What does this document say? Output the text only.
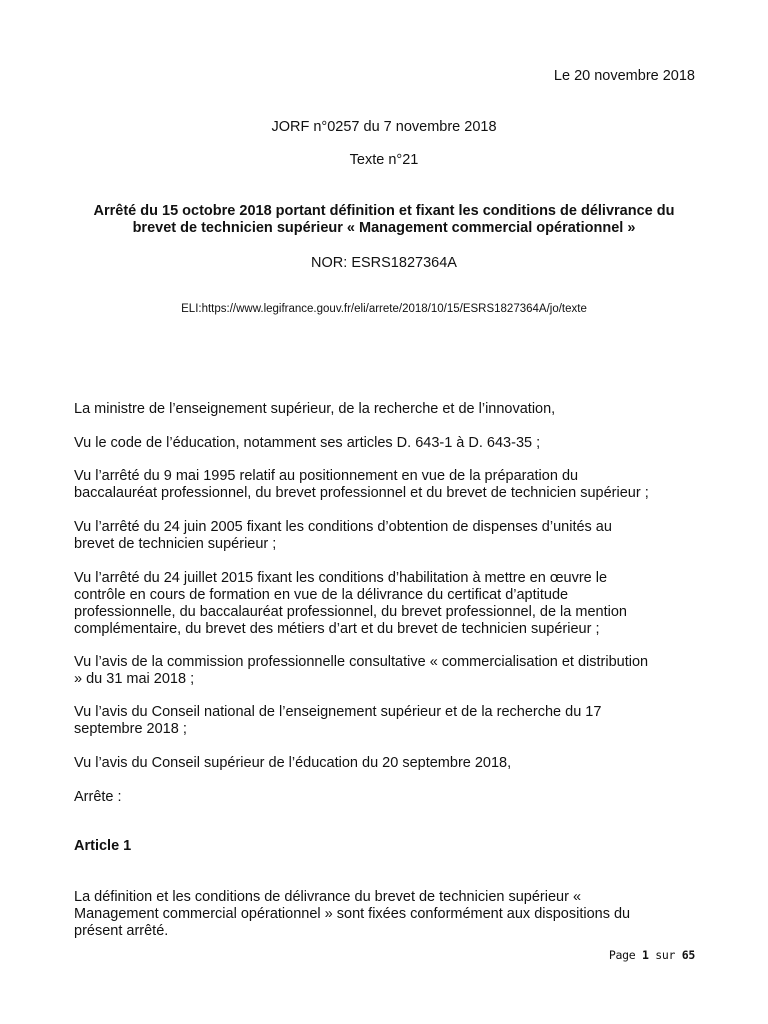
Le 20 novembre 2018
JORF n°0257 du 7 novembre 2018
Texte n°21
Arrêté du 15 octobre 2018 portant définition et fixant les conditions de délivrance du
brevet de technicien supérieur « Management commercial opérationnel »
NOR: ESRS1827364A
ELI:https://www.legifrance.gouv.fr/eli/arrete/2018/10/15/ESRS1827364A/jo/texte
La ministre de l’enseignement supérieur, de la recherche et de l’innovation,
Vu le code de l’éducation, notamment ses articles D. 643-1 à D. 643-35 ;
Vu l’arrêté du 9 mai 1995 relatif au positionnement en vue de la préparation du
baccalauréat professionnel, du brevet professionnel et du brevet de technicien supérieur ;
Vu l’arrêté du 24 juin 2005 fixant les conditions d’obtention de dispenses d’unités au
brevet de technicien supérieur ;
Vu l’arrêté du 24 juillet 2015 fixant les conditions d’habilitation à mettre en œuvre le
contrôle en cours de formation en vue de la délivrance du certificat d’aptitude
professionnelle, du baccalauréat professionnel, du brevet professionnel, de la mention
complémentaire, du brevet des métiers d’art et du brevet de technicien supérieur ;
Vu l’avis de la commission professionnelle consultative « commercialisation et distribution
» du 31 mai 2018 ;
Vu l’avis du Conseil national de l’enseignement supérieur et de la recherche du 17
septembre 2018 ;
Vu l’avis du Conseil supérieur de l’éducation du 20 septembre 2018,
Arrête :
Article 1
La définition et les conditions de délivrance du brevet de technicien supérieur «
Management commercial opérationnel » sont fixées conformément aux dispositions du
présent arrêté.
Page 1 sur 65
